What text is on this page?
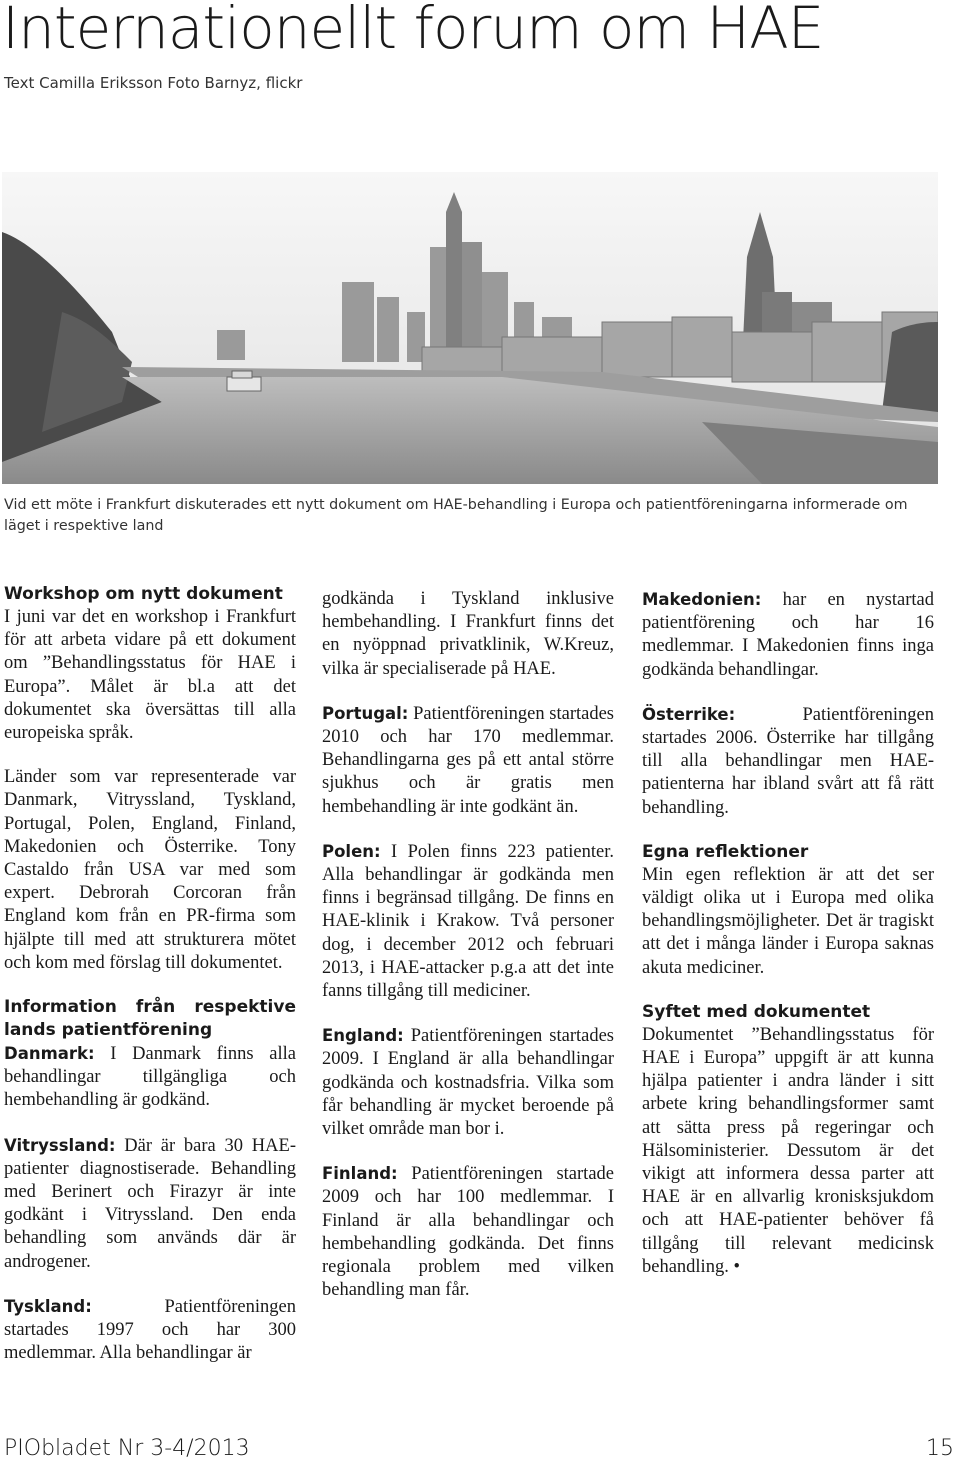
Internationellt forum om HAE
Text Camilla Eriksson Foto Barnyz, flickr
Vid ett möte i Frankfurt diskuterades ett nytt dokument om HAE-behandling i Europa och patientföreningarna informerade om läget i respektive land
Workshop om nytt dokument

I juni var det en workshop i Frankfurt för att arbeta vidare på ett dokument om ”Behandlingsstatus för HAE i Europa”. Målet är bl.a att det dokumentet ska översättas till alla europeiska språk.

Länder som var representerade var Danmark, Vitryssland, Tyskland, Portugal, Polen, England, Finland, Makedonien och Österrike. Tony Castaldo från USA var med som expert. Debrorah Corcoran från England kom från en PR-firma som hjälpte till med att strukturera mötet och kom med förslag till dokumentet.

Information från respektive lands patientförening

Danmark: I Danmark finns alla behandlingar tillgängliga och hembehandling är godkänd.

Vitryssland: Där är bara 30 HAE-patienter diagnostiserade. Behandling med Berinert och Firazyr är inte godkänt i Vitryssland. Den enda behandling som används där är androgener.

Tyskland: Patientföreningen startades 1997 och har 300 medlemmar. Alla behandlingar är

godkända i Tyskland inklusive hembehandling. I Frankfurt finns det en nyöppnad privatklinik, W.Kreuz, vilka är specialiserade på HAE.

Portugal: Patientföreningen startades 2010 och har 170 medlemmar. Behandlingarna ges på ett antal större sjukhus och är gratis men hembehandling är inte godkänt än.

Polen: I Polen finns 223 patienter. Alla behandlingar är godkända men finns i begränsad tillgång. De finns en HAE-klinik i Krakow. Två personer dog, i december 2012 och februari 2013, i HAE-attacker p.g.a att det inte fanns tillgång till mediciner.

England: Patientföreningen startades 2009. I England är alla behandlingar godkända och kostnadsfria. Vilka som får behandling är mycket beroende på vilket område man bor i.

Finland: Patientföreningen startade 2009 och har 100 medlemmar. I Finland är alla behandlingar och hembehandling godkända. Det finns regionala problem med vilken behandling man får.

Makedonien: har en nystartad patientförening och har 16 medlemmar. I Makedonien finns inga godkända behandlingar.

Österrike: Patientföreningen startades 2006. Österrike har tillgång till alla behandlingar men HAE-patienterna har ibland svårt att få rätt behandling.

Egna reflektioner

Min egen reflektion är att det ser väldigt olika ut i Europa med olika behandlingsmöjligheter. Det är tragiskt att det i många länder i Europa saknas akuta mediciner.

Syftet med dokumentet

Dokumentet ”Behandlingsstatus för HAE i Europa” uppgift är att kunna hjälpa patienter i andra länder i sitt arbete kring behandlingsformer samt att sätta press på regeringar och Hälsoministerier. Dessutom är det vikigt att informera dessa parter att HAE är en allvarlig kronisksjukdom och att HAE-patienter behöver få tillgång till relevant medicinsk behandling. •

PIObladet Nr 3-4/2013	15
